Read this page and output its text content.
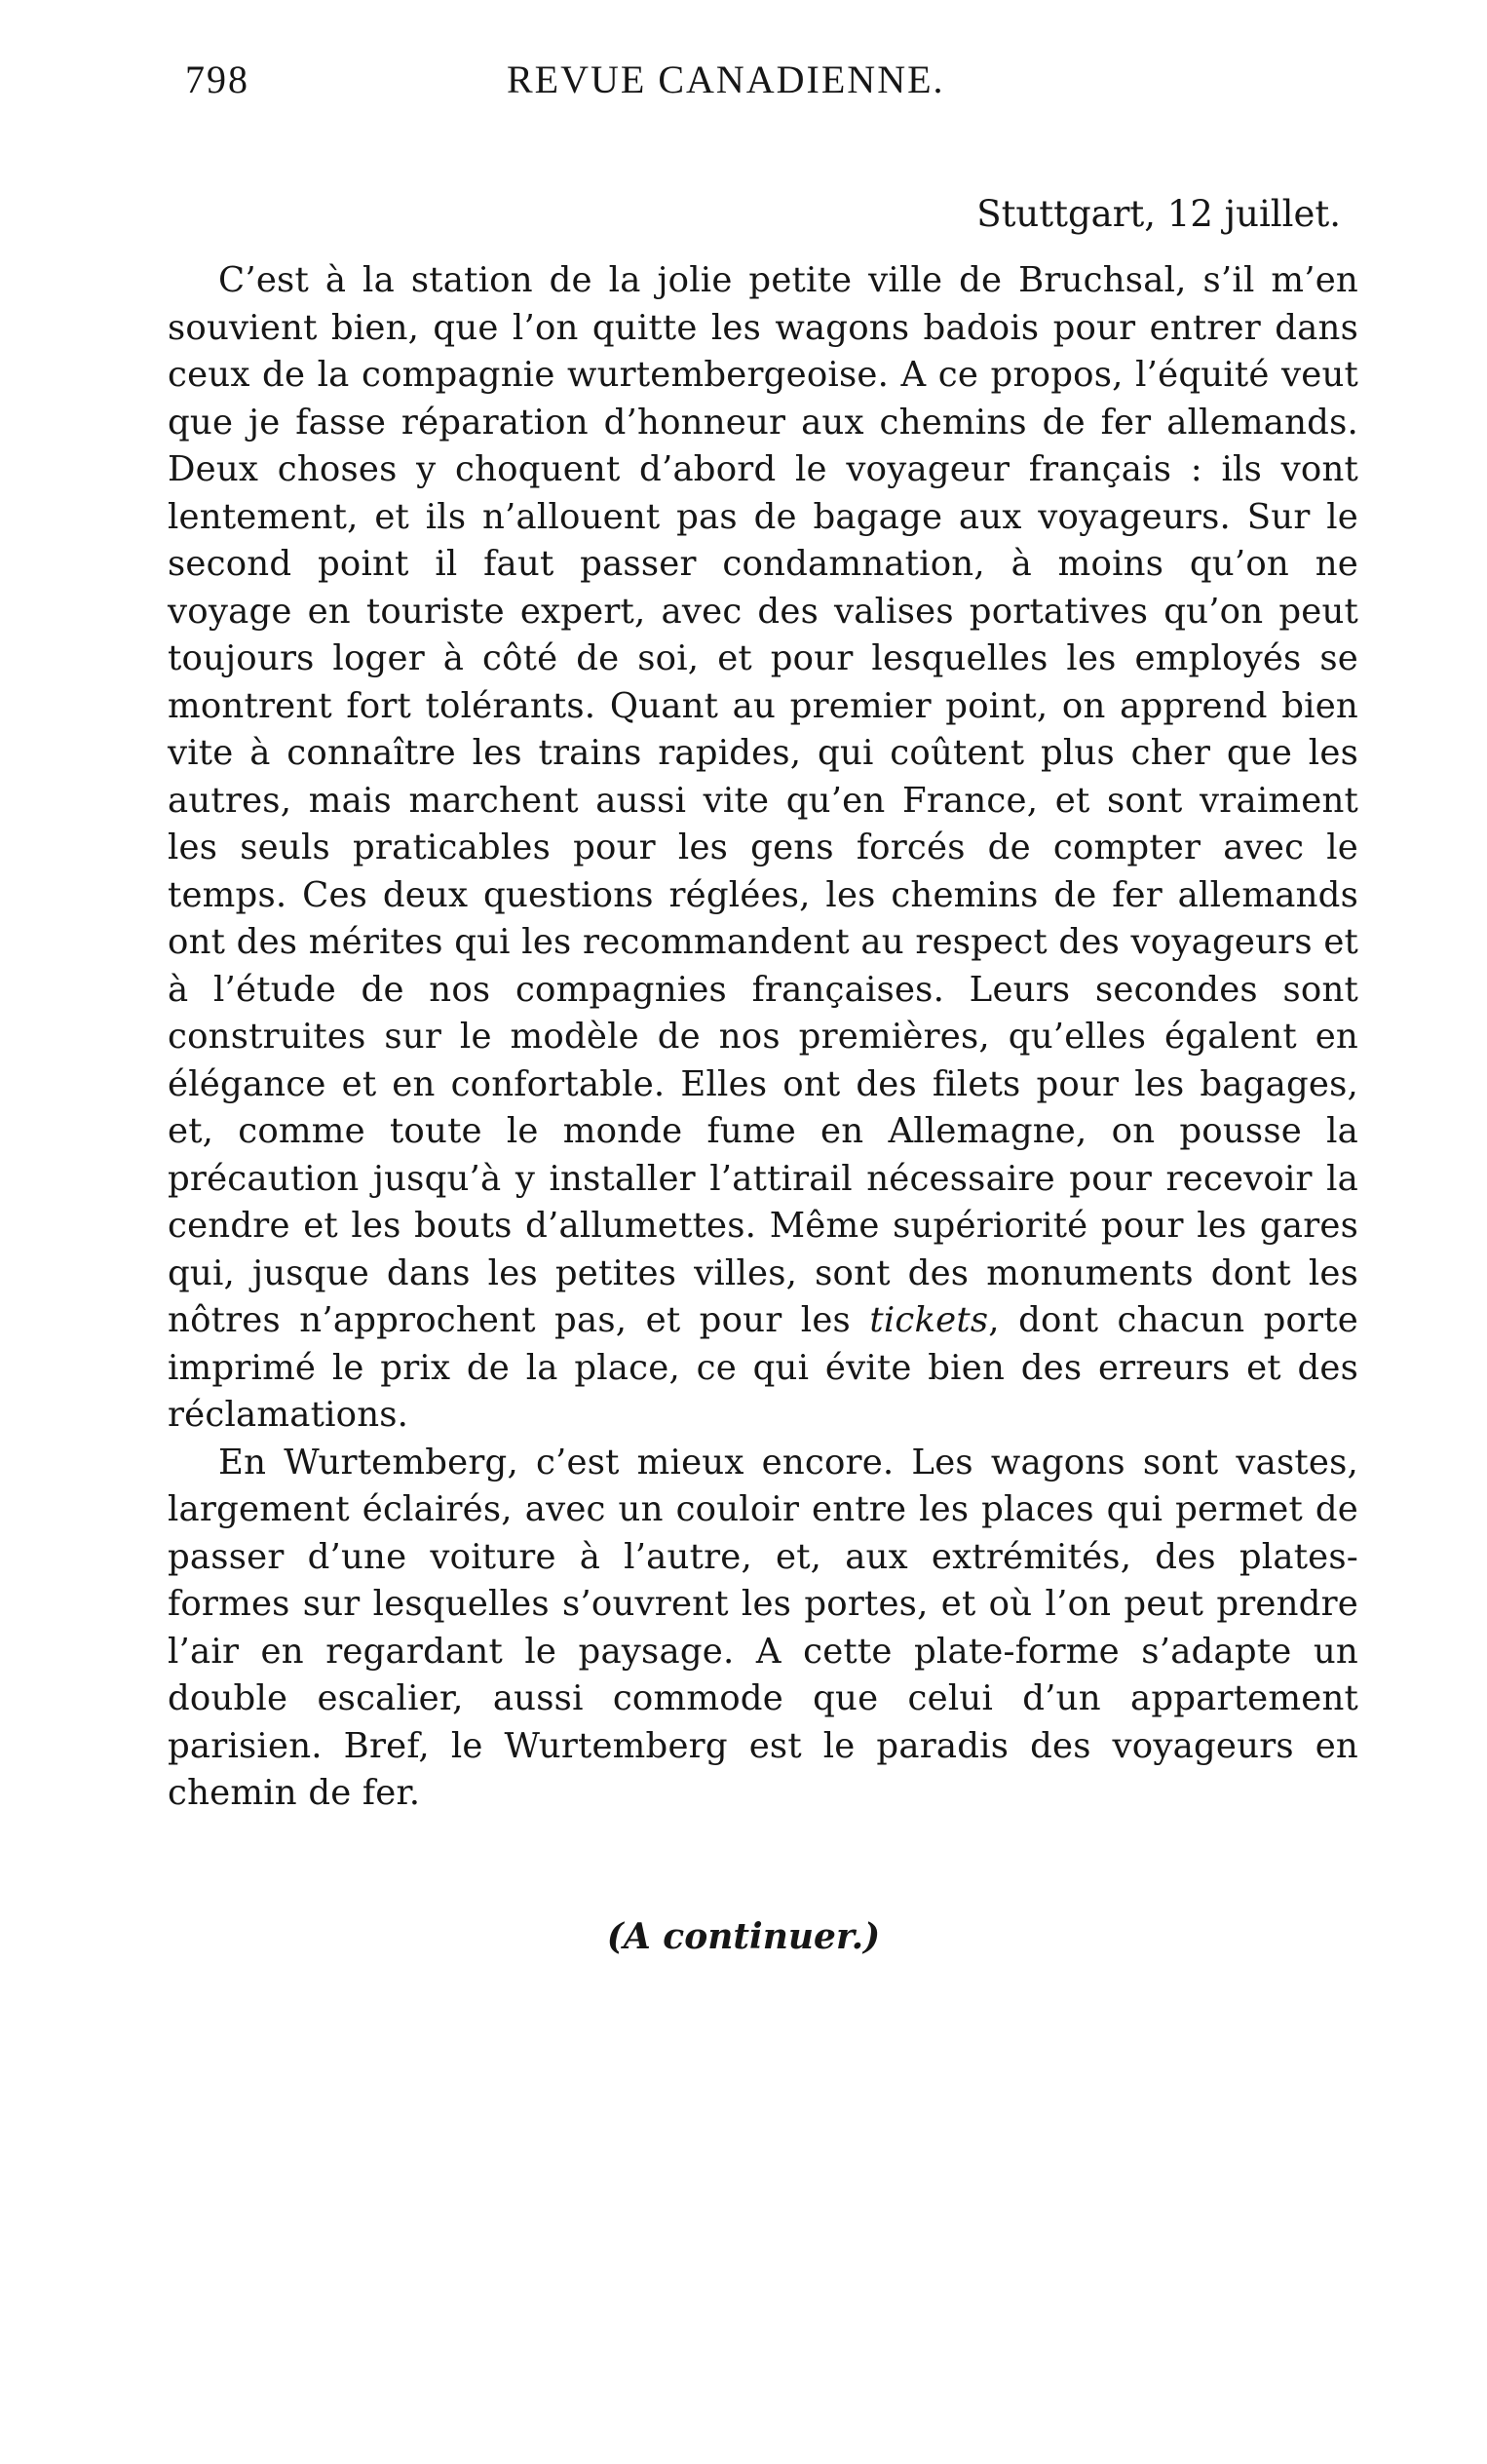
798	REVUE CANADIENNE.
Stuttgart, 12 juillet.

C’est à la station de la jolie petite ville de Bruchsal, s’il m’en souvient bien, que l’on quitte les wagons badois pour entrer dans ceux de la compagnie wurtembergeoise. A ce propos, l’équité veut que je fasse réparation d’honneur aux chemins de fer allemands. Deux choses y choquent d’abord le voyageur français : ils vont lentement, et ils n’allouent pas de bagage aux voyageurs. Sur le second point il faut passer condamnation, à moins qu’on ne voyage en touriste expert, avec des valises portatives qu’on peut toujours loger à côté de soi, et pour lesquelles les employés se montrent fort tolérants. Quant au premier point, on apprend bien vite à connaître les trains rapides, qui coûtent plus cher que les autres, mais marchent aussi vite qu’en France, et sont vraiment les seuls praticables pour les gens forcés de compter avec le temps. Ces deux questions réglées, les chemins de fer allemands ont des mérites qui les recommandent au respect des voyageurs et à l’étude de nos compagnies françaises. Leurs secondes sont construites sur le modèle de nos premières, qu’elles égalent en élégance et en confortable. Elles ont des filets pour les bagages, et, comme toute le monde fume en Allemagne, on pousse la précaution jusqu’à y installer l’attirail nécessaire pour recevoir la cendre et les bouts d’allumettes. Même supériorité pour les gares qui, jusque dans les petites villes, sont des monuments dont les nôtres n’approchent pas, et pour les tickets, dont chacun porte imprimé le prix de la place, ce qui évite bien des erreurs et des réclamations.

En Wurtemberg, c’est mieux encore. Les wagons sont vastes, largement éclairés, avec un couloir entre les places qui permet de passer d’une voiture à l’autre, et, aux extrémités, des plates-formes sur lesquelles s’ouvrent les portes, et où l’on peut prendre l’air en regardant le paysage. A cette plate-forme s’adapte un double escalier, aussi commode que celui d’un appartement parisien. Bref, le Wurtemberg est le paradis des voyageurs en chemin de fer.

(A continuer.)
